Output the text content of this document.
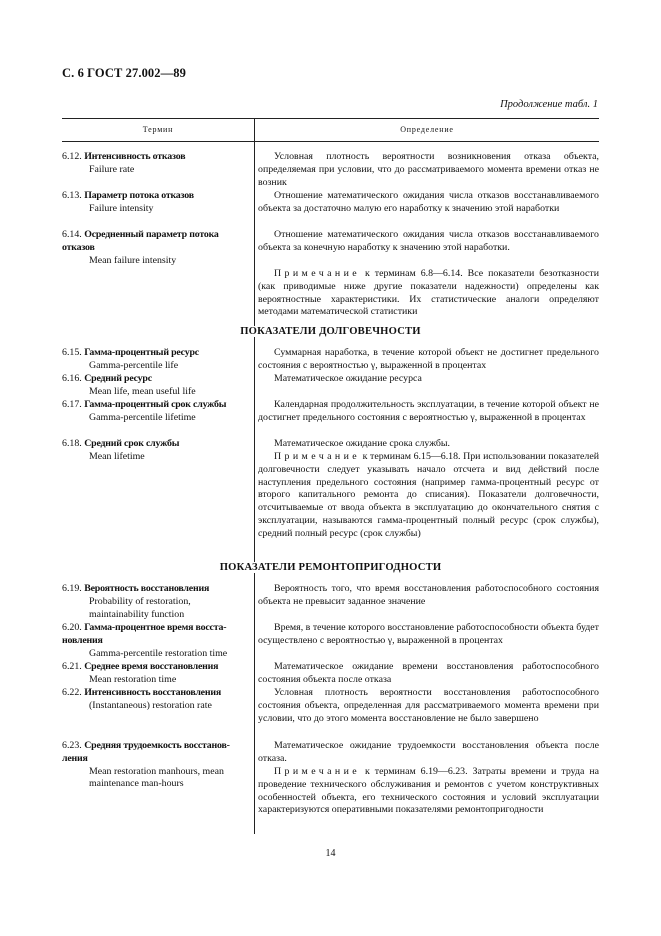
С. 6 ГОСТ 27.002—89
Продолжение табл. 1
Термин	Определение
6.12. Интенсивность отказов
Failure rate
6.13. Параметр потока отказов
Failure intensity
6.14. Осредненный параметр потока
отказов
Mean failure intensity
6.15. Гамма-процентный ресурс
Gamma-percentile life
6.16. Средний ресурс
Mean life, mean useful life
6.17. Гамма-процентный срок службы
Gamma-percentile lifetime
6.18. Средний срок службы
Mean lifetime
6.19. Вероятность восстановления
Probability of restoration,
maintainability function
6.20. Гамма-процентное время восста-
новления
Gamma-percentile restoration time
6.21. Среднее время восстановления
Mean restoration time
6.22. Интенсивность восстановления
(Instantaneous) restoration rate
6.23. Средняя трудоемкость восстанов-
ления
Mean restoration manhours, mean
maintenance man-hours
Условная плотность вероятности возникновения отказа объекта, определяемая при условии, что до рассматриваемого момента времени отказ не возник
Отношение математического ожидания числа отказов восстанавливаемого объекта за достаточно малую его наработку к значению этой наработки
Отношение математического ожидания числа отказов восстанавливаемого объекта за конечную наработку к значению этой наработки.
Примечание к терминам 6.8—6.14. Все показатели безотказности (как приводимые ниже другие показатели надежности) определены как вероятностные характеристики. Их статистические аналоги определяют методами математической статистики
ПОКАЗАТЕЛИ ДОЛГОВЕЧНОСТИ
Суммарная наработка, в течение которой объект не достигнет предельного состояния с вероятностью γ, выраженной в процентах
Математическое ожидание ресурса
Календарная продолжительность эксплуатации, в течение которой объект не достигнет предельного состояния с вероятностью γ, выраженной в процентах
Математическое ожидание срока службы.
Примечание к терминам 6.15—6.18. При использовании показателей долговечности следует указывать начало отсчета и вид действий после наступления предельного состояния (например гамма-процентный ресурс от второго капитального ремонта до списания). Показатели долговечности, отсчитываемые от ввода объекта в эксплуатацию до окончательного снятия с эксплуатации, называются гамма-процентный полный ресурс (срок службы), средний полный ресурс (срок службы)
ПОКАЗАТЕЛИ РЕМОНТОПРИГОДНОСТИ
Вероятность того, что время восстановления работоспособного состояния объекта не превысит заданное значение
Время, в течение которого восстановление работоспособности объекта будет осуществлено с вероятностью γ, выраженной в процентах
Математическое ожидание времени восстановления работоспособного состояния объекта после отказа
Условная плотность вероятности восстановления работоспособного состояния объекта, определенная для рассматриваемого момента времени при условии, что до этого момента восстановление не было завершено
Математическое ожидание трудоемкости восстановления объекта после отказа.
Примечание к терминам 6.19—6.23. Затраты времени и труда на проведение технического обслуживания и ремонтов с учетом конструктивных особенностей объекта, его технического состояния и условий эксплуатации характеризуются оперативными показателями ремонтопригодности
14
